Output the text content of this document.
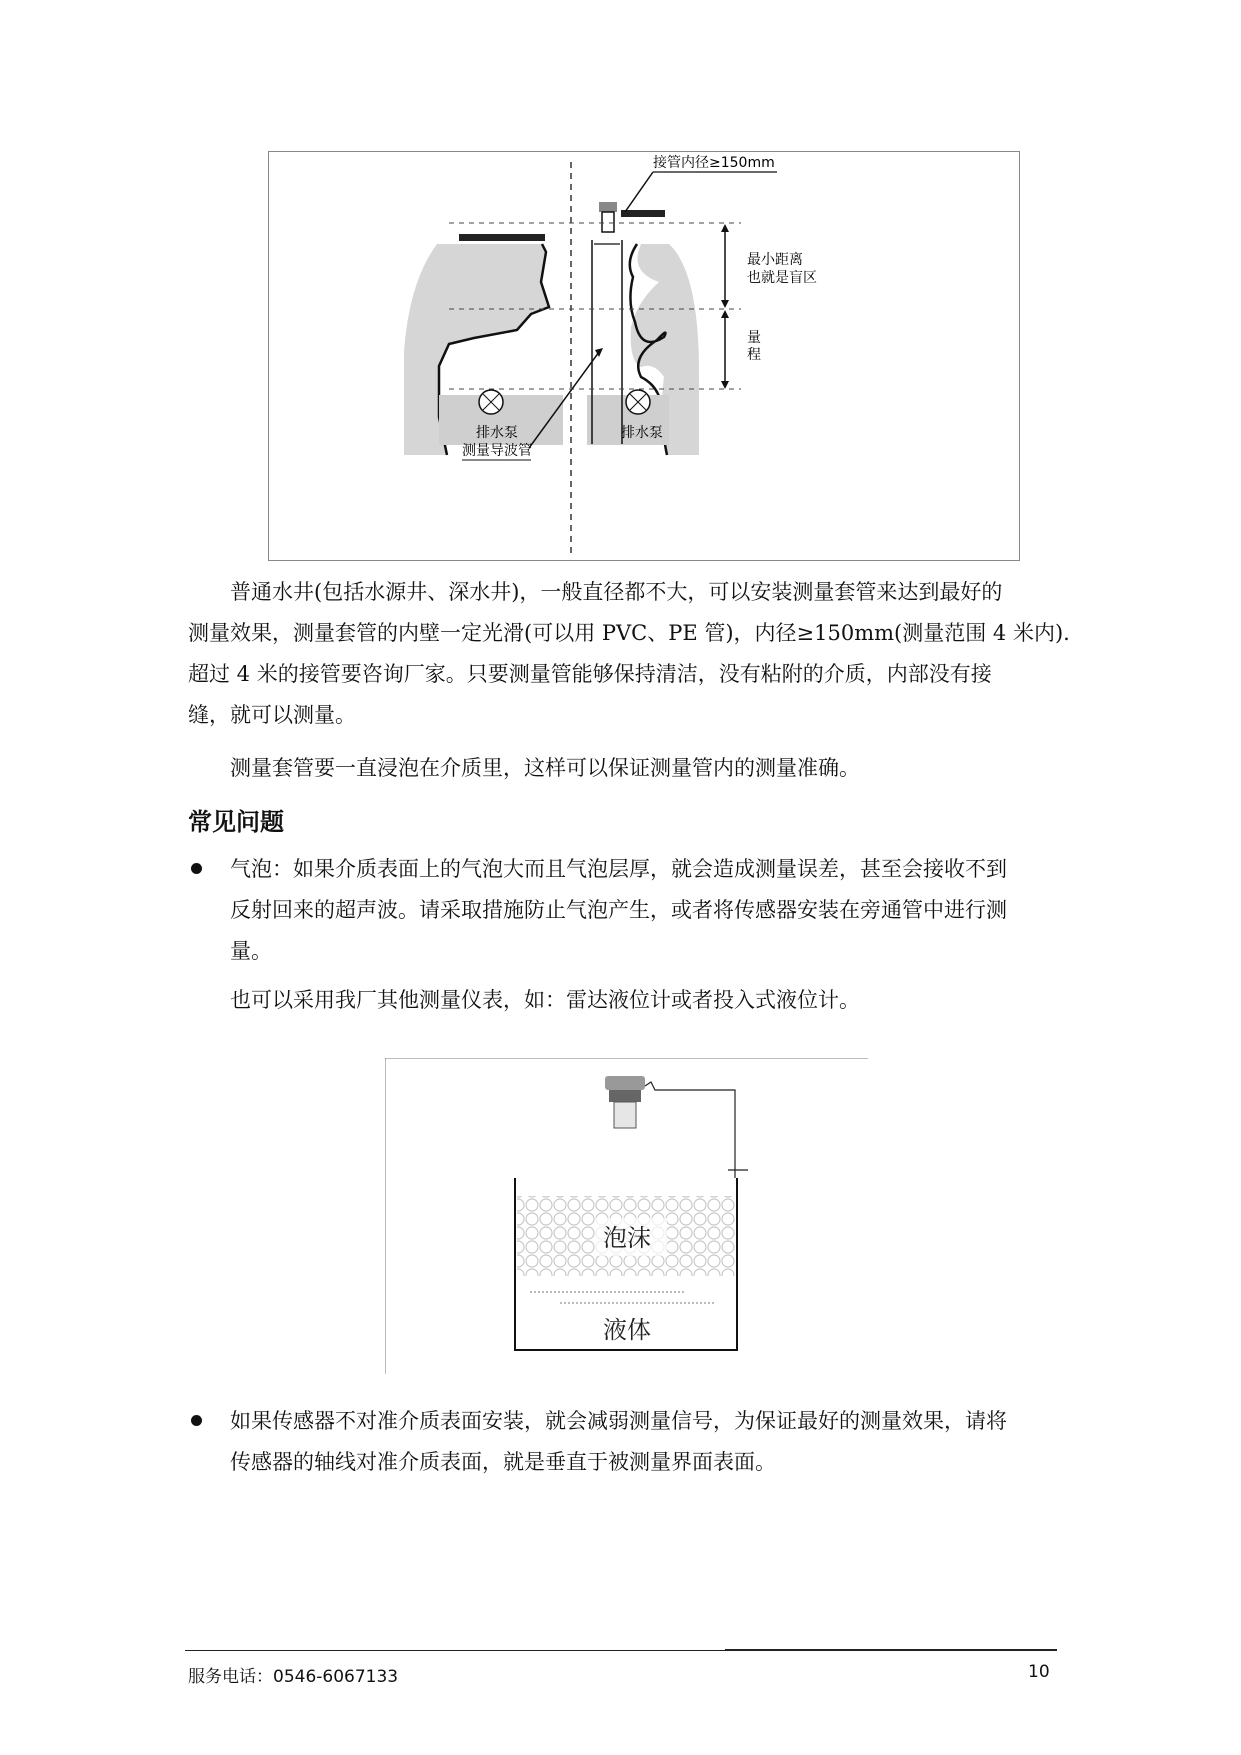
接管内径≥150mm
最小距离
也就是盲区
量
程
排水泵
测量导波管
排水泵
普通水井(包括水源井、深水井)，一般直径都不大，可以安装测量套管来达到最好的
测量效果，测量套管的内壁一定光滑(可以用 PVC、PE 管)，内径≥150mm(测量范围 4 米内).
超过 4 米的接管要咨询厂家。只要测量管能够保持清洁，没有粘附的介质，内部没有接
缝，就可以测量。
测量套管要一直浸泡在介质里，这样可以保证测量管内的测量准确。
常见问题
气泡：如果介质表面上的气泡大而且气泡层厚，就会造成测量误差，甚至会接收不到
反射回来的超声波。请采取措施防止气泡产生，或者将传感器安装在旁通管中进行测
量。
也可以采用我厂其他测量仪表，如：雷达液位计或者投入式液位计。
泡沫
液体
如果传感器不对准介质表面安装，就会减弱测量信号，为保证最好的测量效果，请将
传感器的轴线对准介质表面，就是垂直于被测量界面表面。
服务电话：0546-6067133	10
